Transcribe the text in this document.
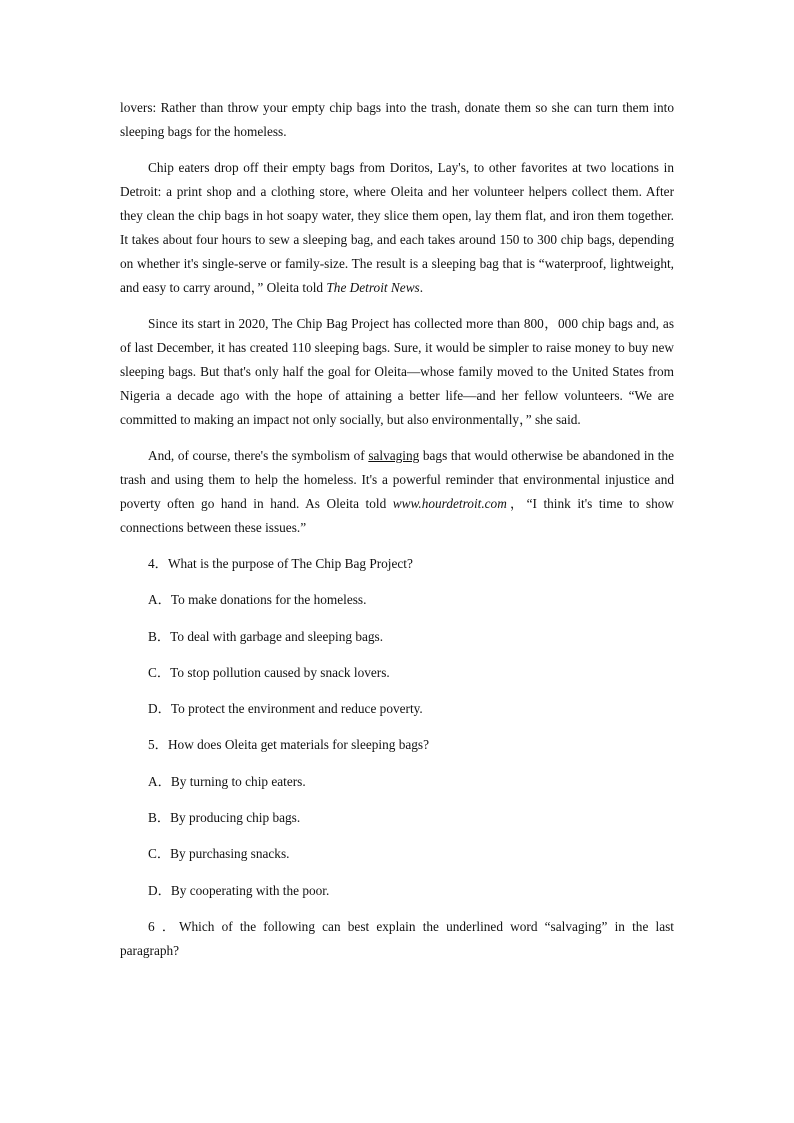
lovers: Rather than throw your empty chip bags into the trash, donate them so she can turn them into sleeping bags for the homeless.

Chip eaters drop off their empty bags from Doritos, Lay's, to other favorites at two locations in Detroit: a print shop and a clothing store, where Oleita and her volunteer helpers collect them. After they clean the chip bags in hot soapy water, they slice them open, lay them flat, and iron them together. It takes about four hours to sew a sleeping bag, and each takes around 150 to 300 chip bags, depending on whether it's single-serve or family-size. The result is a sleeping bag that is “waterproof, lightweight, and easy to carry around，” Oleita told The Detroit News.

Since its start in 2020, The Chip Bag Project has collected more than 800，000 chip bags and, as of last December, it has created 110 sleeping bags. Sure, it would be simpler to raise money to buy new sleeping bags. But that's only half the goal for Oleita—whose family moved to the United States from Nigeria a decade ago with the hope of attaining a better life—and her fellow volunteers. “We are committed to making an impact not only socially, but also environmentally，” she said.

And, of course, there's the symbolism of salvaging bags that would otherwise be abandoned in the trash and using them to help the homeless. It's a powerful reminder that environmental injustice and poverty often go hand in hand. As Oleita told www.hourdetroit.com，“I think it's time to show connections between these issues.”

4．What is the purpose of The Chip Bag Project?

A．To make donations for the homeless.

B．To deal with garbage and sleeping bags.

C．To stop pollution caused by snack lovers.

D．To protect the environment and reduce poverty.

5．How does Oleita get materials for sleeping bags?

A．By turning to chip eaters.

B．By producing chip bags.

C．By purchasing snacks.

D．By cooperating with the poor.

6 ．Which of the following can best explain the underlined word “salvaging” in the last paragraph?
